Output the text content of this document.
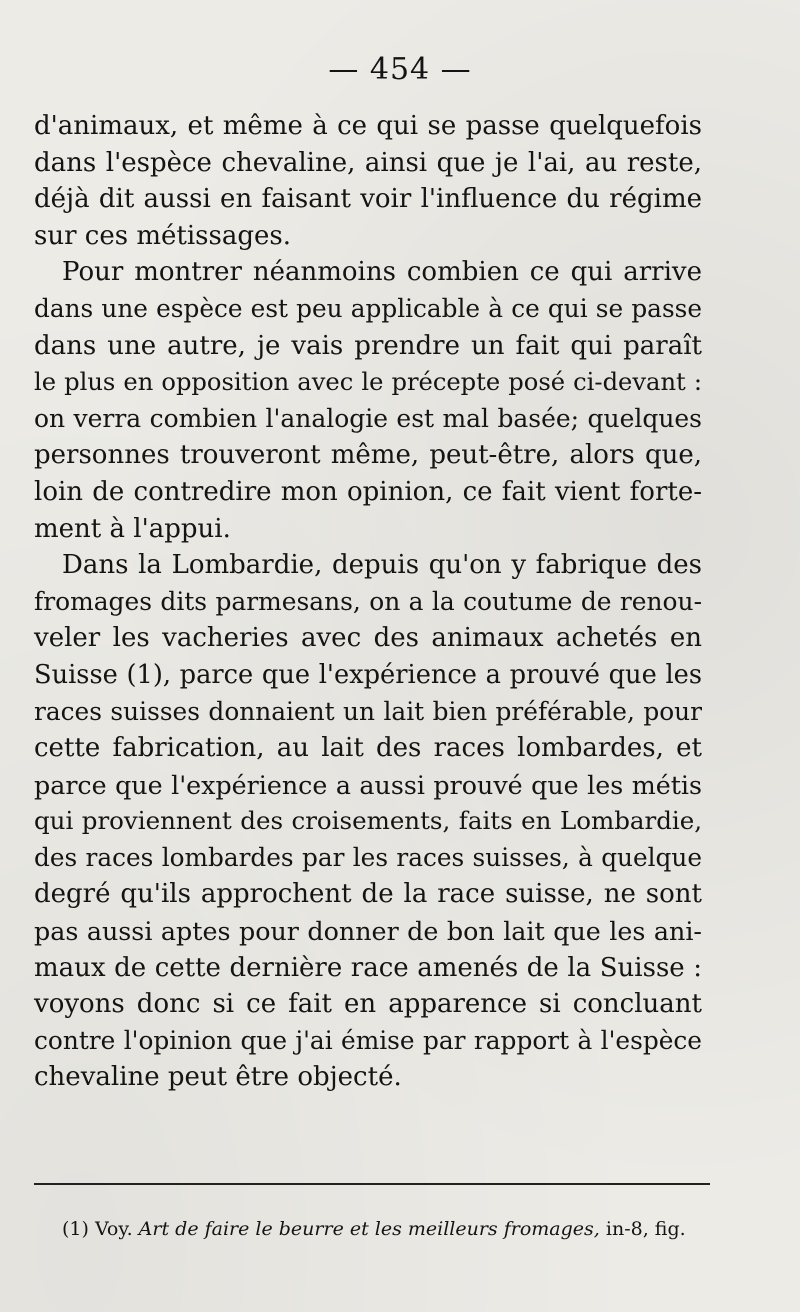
— 454 —
d'animaux, et même à ce qui se passe quelquefois
dans l'espèce chevaline, ainsi que je l'ai, au reste,
déjà dit aussi en faisant voir l'influence du régime
sur ces métissages.
Pour montrer néanmoins combien ce qui arrive
dans une espèce est peu applicable à ce qui se passe
dans une autre, je vais prendre un fait qui paraît
le plus en opposition avec le précepte posé ci-devant :
on verra combien l'analogie est mal basée; quelques
personnes trouveront même, peut-être, alors que,
loin de contredire mon opinion, ce fait vient forte-
ment à l'appui.
Dans la Lombardie, depuis qu'on y fabrique des
fromages dits parmesans, on a la coutume de renou-
veler les vacheries avec des animaux achetés en
Suisse (1), parce que l'expérience a prouvé que les
races suisses donnaient un lait bien préférable, pour
cette fabrication, au lait des races lombardes, et
parce que l'expérience a aussi prouvé que les métis
qui proviennent des croisements, faits en Lombardie,
des races lombardes par les races suisses, à quelque
degré qu'ils approchent de la race suisse, ne sont
pas aussi aptes pour donner de bon lait que les ani-
maux de cette dernière race amenés de la Suisse :
voyons donc si ce fait en apparence si concluant
contre l'opinion que j'ai émise par rapport à l'espèce
chevaline peut être objecté.
(1) Voy. Art de faire le beurre et les meilleurs fromages, in-8, fig.
